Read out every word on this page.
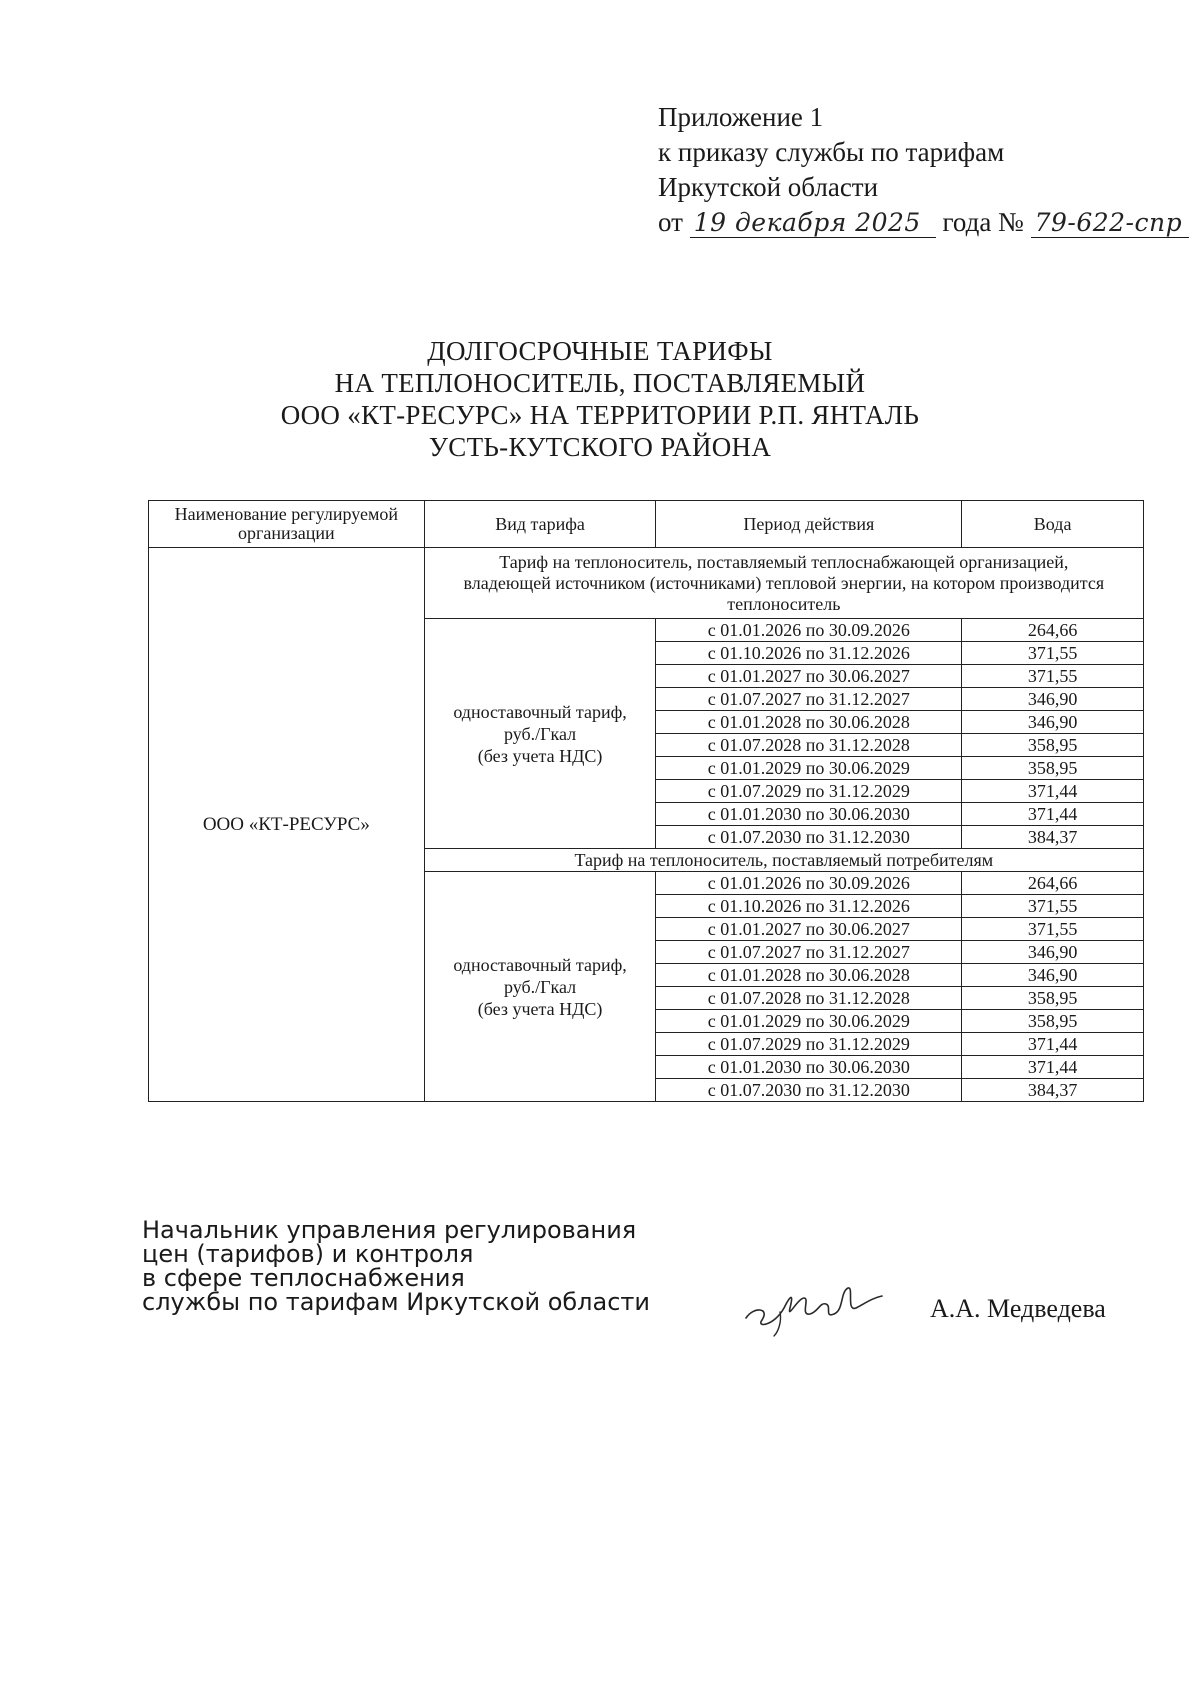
Приложение 1
к приказу службы по тарифам
Иркутской области
от 19 декабря 2025 года № 79-622-спр
ДОЛГОСРОЧНЫЕ ТАРИФЫ
НА ТЕПЛОНОСИТЕЛЬ, ПОСТАВЛЯЕМЫЙ
ООО «КТ-РЕСУРС» НА ТЕРРИТОРИИ Р.П. ЯНТАЛЬ
УСТЬ-КУТСКОГО РАЙОНА
Наименование регулируемой организации	Вид тарифа	Период действия	Вода
ООО «КТ-РЕСУРС»	Тариф на теплоноситель, поставляемый теплоснабжающей организацией, владеющей источником (источниками) тепловой энергии, на котором производится теплоноситель		

	одноставочный тариф,
руб./Гкал
(без учета НДС)	с 01.01.2026 по 30.09.2026	264,66
		с 01.10.2026 по 31.12.2026	371,55
		с 01.01.2027 по 30.06.2027	371,55
		с 01.07.2027 по 31.12.2027	346,90
		с 01.01.2028 по 30.06.2028	346,90
		с 01.07.2028 по 31.12.2028	358,95
		с 01.01.2029 по 30.06.2029	358,95
		с 01.07.2029 по 31.12.2029	371,44
		с 01.01.2030 по 30.06.2030	371,44
		с 01.07.2030 по 31.12.2030	384,37
	Тариф на теплоноситель, поставляемый потребителям		

	одноставочный тариф,
руб./Гкал
(без учета НДС)	с 01.01.2026 по 30.09.2026	264,66
		с 01.10.2026 по 31.12.2026	371,55
		с 01.01.2027 по 30.06.2027	371,55
		с 01.07.2027 по 31.12.2027	346,90
		с 01.01.2028 по 30.06.2028	346,90
		с 01.07.2028 по 31.12.2028	358,95
		с 01.01.2029 по 30.06.2029	358,95
		с 01.07.2029 по 31.12.2029	371,44
		с 01.01.2030 по 30.06.2030	371,44
		с 01.07.2030 по 31.12.2030	384,37
Начальник управления регулирования
цен (тарифов) и контроля
в сфере теплоснабжения
службы по тарифам Иркутской области	А.А. Медведева
